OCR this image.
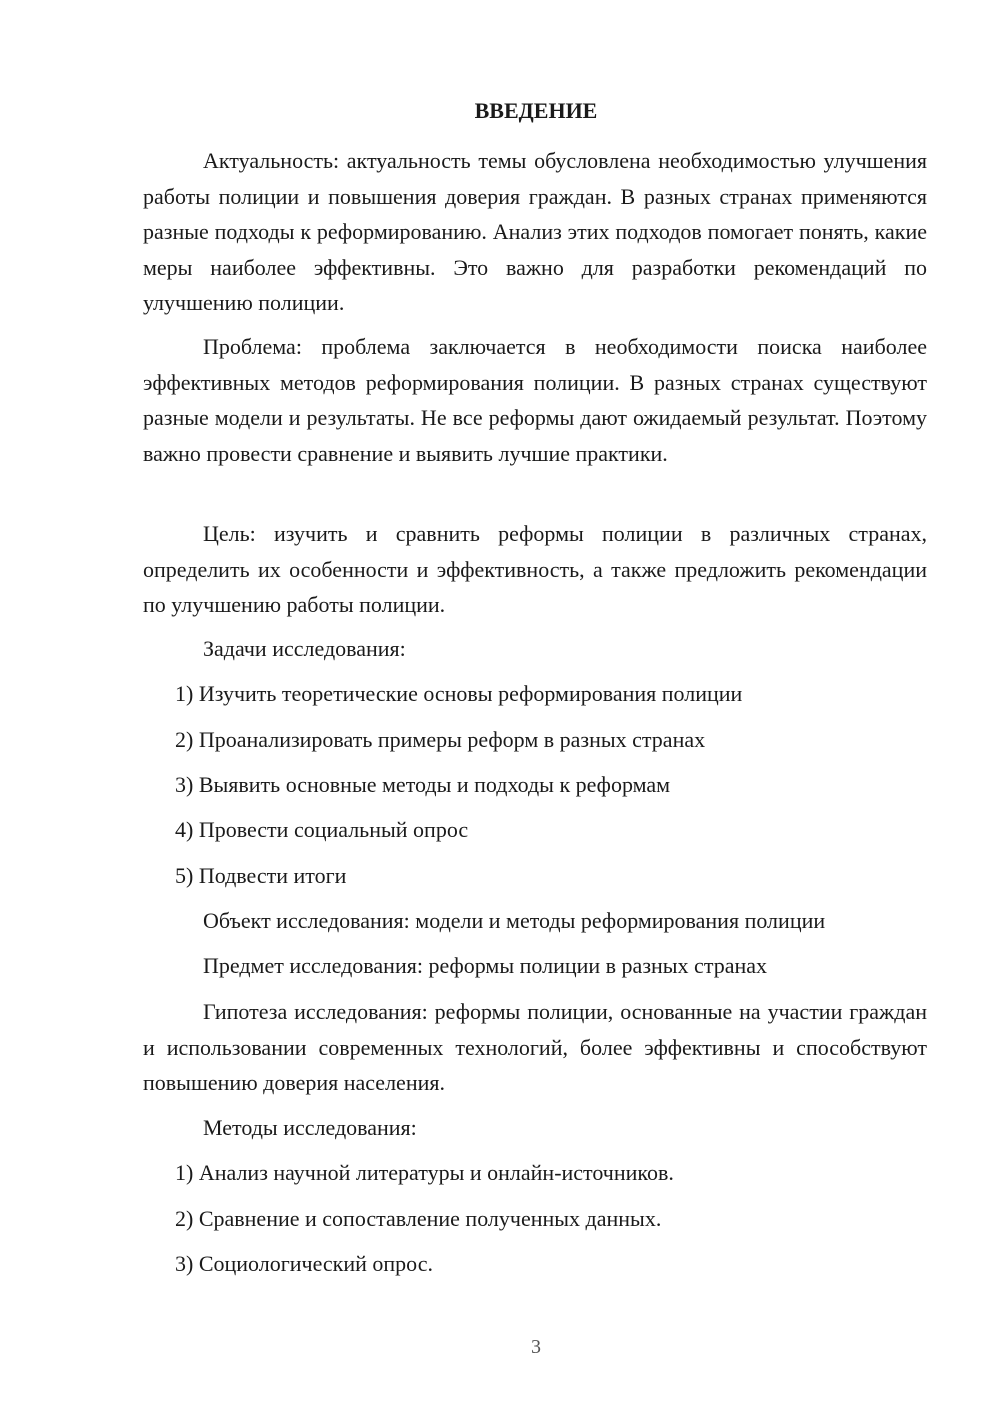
ВВЕДЕНИЕ

Актуальность: актуальность темы обусловлена необходимостью улучшения работы полиции и повышения доверия граждан. В разных странах применяются разные подходы к реформированию. Анализ этих подходов помогает понять, какие меры наиболее эффективны. Это важно для разработки рекомендаций по улучшению полиции.

Проблема: проблема заключается в необходимости поиска наиболее эффективных методов реформирования полиции. В разных странах существуют разные модели и результаты. Не все реформы дают ожидаемый результат. Поэтому важно провести сравнение и выявить лучшие практики.

Цель: изучить и сравнить реформы полиции в различных странах, определить их особенности и эффективность, а также предложить рекомендации по улучшению работы полиции.

Задачи исследования:
1) Изучить теоретические основы реформирования полиции
2) Проанализировать примеры реформ в разных странах
3) Выявить основные методы и подходы к реформам
4) Провести социальный опрос
5) Подвести итоги
Объект исследования: модели и методы реформирования полиции
Предмет исследования: реформы полиции в разных странах

Гипотеза исследования: реформы полиции, основанные на участии граждан и использовании современных технологий, более эффективны и способствуют повышению доверия населения.

Методы исследования:
1) Анализ научной литературы и онлайн-источников.
2) Сравнение и сопоставление полученных данных.
3) Социологический опрос.
3
